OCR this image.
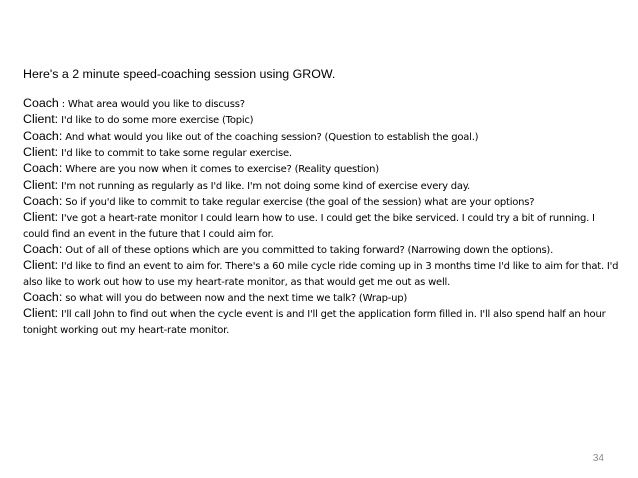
Here's a 2 minute speed-coaching session using GROW.
Coach : What area would you like to discuss?
Client: I'd like to do some more exercise (Topic)
Coach: And what would you like out of the coaching session? (Question to establish the goal.)
Client: I'd like to commit to take some regular exercise.
Coach: Where are you now when it comes to exercise? (Reality question)
Client: I'm not running as regularly as I'd like. I'm not doing some kind of exercise every day.
Coach: So if you'd like to commit to take regular exercise (the goal of the session) what are your options?
Client: I've got a heart-rate monitor I could learn how to use. I could get the bike serviced. I could try a bit of running. I could find an event in the future that I could aim for.
Coach: Out of all of these options which are you committed to taking forward? (Narrowing down the options).
Client: I'd like to find an event to aim for. There's a 60 mile cycle ride coming up in 3 months time I'd like to aim for that. I'd also like to work out how to use my heart-rate monitor, as that would get me out as well.
Coach: so what will you do between now and the next time we talk? (Wrap-up)
Client: I'll call John to find out when the cycle event is and I'll get the application form filled in. I'll also spend half an hour tonight working out my heart-rate monitor.
34
